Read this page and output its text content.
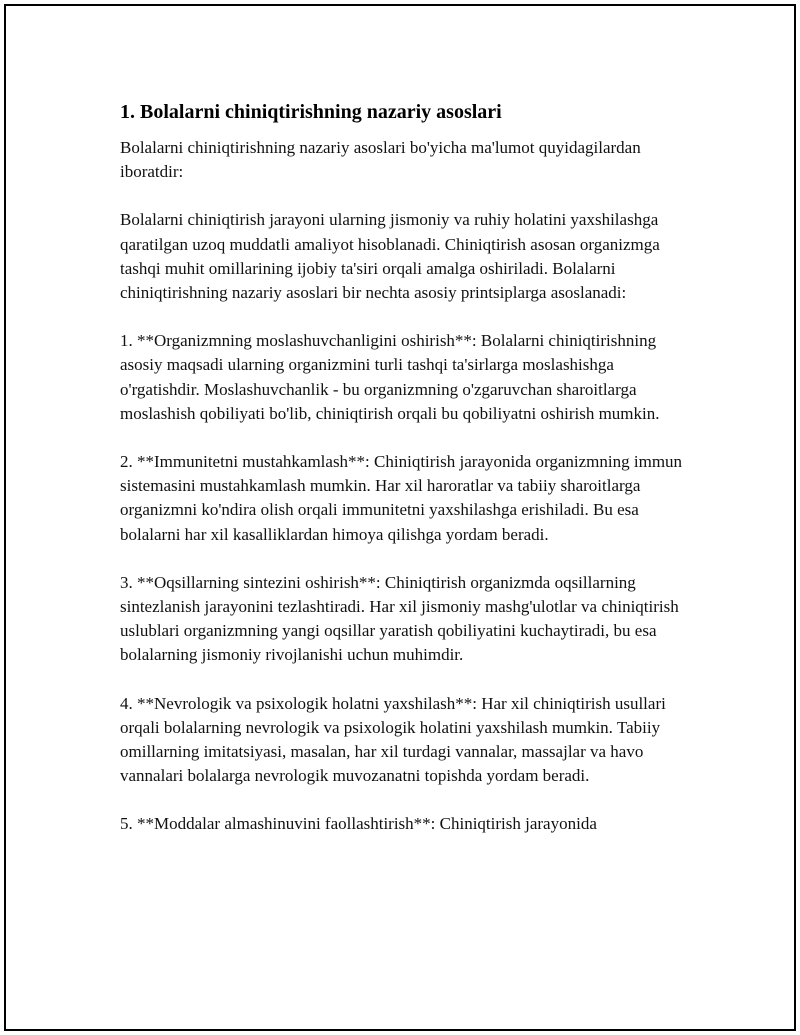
1. Bolalarni chiniqtirishning nazariy asoslari

Bolalarni chiniqtirishning nazariy asoslari bo'yicha ma'lumot quyidagilardan iboratdir:

Bolalarni chiniqtirish jarayoni ularning jismoniy va ruhiy holatini yaxshilashga qaratilgan uzoq muddatli amaliyot hisoblanadi. Chiniqtirish asosan organizmga tashqi muhit omillarining ijobiy ta'siri orqali amalga oshiriladi. Bolalarni chiniqtirishning nazariy asoslari bir nechta asosiy printsiplarga asoslanadi:

1. **Organizmning moslashuvchanligini oshirish**: Bolalarni chiniqtirishning asosiy maqsadi ularning organizmini turli tashqi ta'sirlarga moslashishga o'rgatishdir. Moslashuvchanlik - bu organizmning o'zgaruvchan sharoitlarga moslashish qobiliyati bo'lib, chiniqtirish orqali bu qobiliyatni oshirish mumkin.

2. **Immunitetni mustahkamlash**: Chiniqtirish jarayonida organizmning immun sistemasini mustahkamlash mumkin. Har xil haroratlar va tabiiy sharoitlarga organizmni ko'ndira olish orqali immunitetni yaxshilashga erishiladi. Bu esa bolalarni har xil kasalliklardan himoya qilishga yordam beradi.

3. **Oqsillarning sintezini oshirish**: Chiniqtirish organizmda oqsillarning sintezlanish jarayonini tezlashtiradi. Har xil jismoniy mashg'ulotlar va chiniqtirish uslublari organizmning yangi oqsillar yaratish qobiliyatini kuchaytiradi, bu esa bolalarning jismoniy rivojlanishi uchun muhimdir.

4. **Nevrologik va psixologik holatni yaxshilash**: Har xil chiniqtirish usullari orqali bolalarning nevrologik va psixologik holatini yaxshilash mumkin. Tabiiy omillarning imitatsiyasi, masalan, har xil turdagi vannalar, massajlar va havo vannalari bolalarga nevrologik muvozanatni topishda yordam beradi.

5. **Moddalar almashinuvini faollashtirish**: Chiniqtirish jarayonida
